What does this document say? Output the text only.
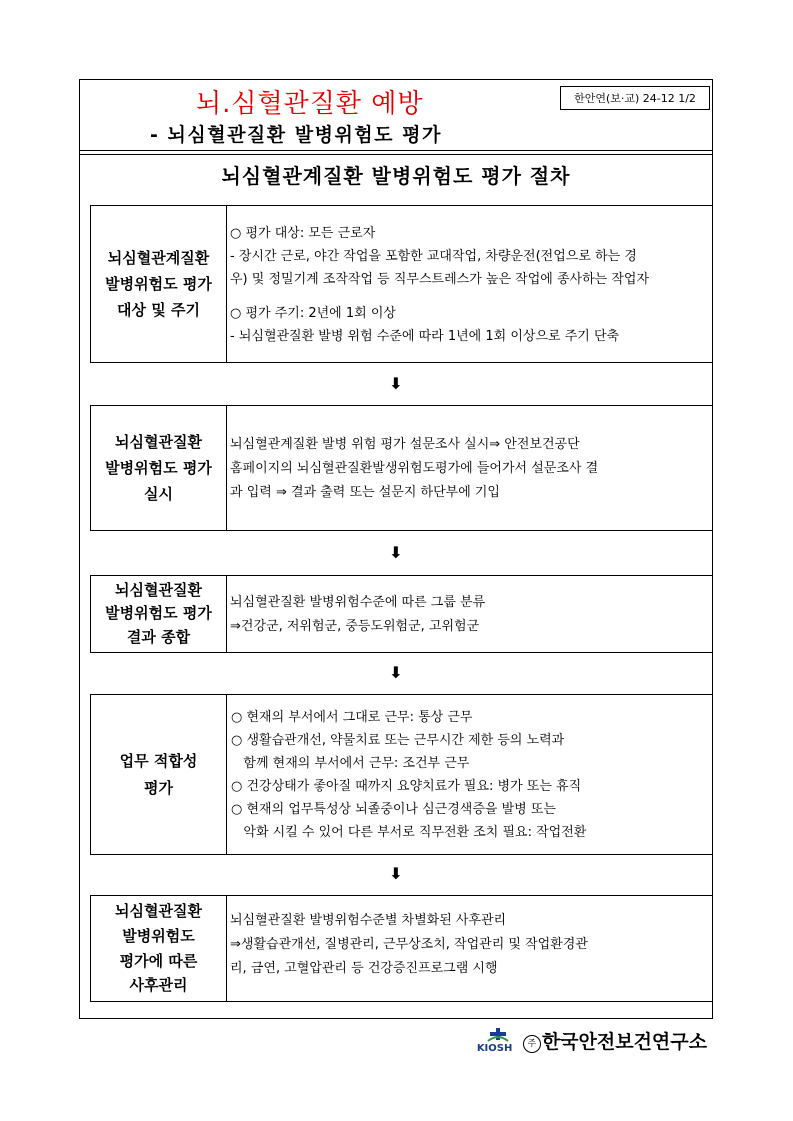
뇌.심혈관질환 예방	한안연(보·교) 24-12 1/2
- 뇌심혈관질환 발병위험도 평가
뇌심혈관계질환 발병위험도 평가 절차
뇌심혈관계질환
발병위험도 평가
대상 및 주기
○ 평가 대상: 모든 근로자
- 장시간 근로, 야간 작업을 포함한 교대작업, 차량운전(전업으로 하는 경
우) 및 정밀기계 조작작업 등 직무스트레스가 높은 작업에 종사하는 작업자
○ 평가 주기: 2년에 1회 이상
- 뇌심혈관질환 발병 위험 수준에 따라 1년에 1회 이상으로 주기 단축
⬇
뇌심혈관질환
발병위험도 평가
실시
뇌심혈관계질환 발병 위험 평가 설문조사 실시⇒ 안전보건공단
홈페이지의 뇌심혈관질환발생위험도평가에 들어가서 설문조사 결
과 입력 ⇒ 결과 출력 또는 설문지 하단부에 기입
⬇
뇌심혈관질환
발병위험도 평가
결과 종합
뇌심혈관질환 발병위험수준에 따른 그룹 분류
⇒건강군, 저위험군, 중등도위험군, 고위험군
⬇
업무 적합성
평가
○ 현재의 부서에서 그대로 근무: 통상 근무
○ 생활습관개선, 약물치료 또는 근무시간 제한 등의 노력과
함께 현재의 부서에서 근무: 조건부 근무
○ 건강상태가 좋아질 때까지 요양치료가 필요: 병가 또는 휴직
○ 현재의 업무특성상 뇌졸중이나 심근경색증을 발병 또는
악화 시킬 수 있어 다른 부서로 직무전환 조치 필요: 작업전환
⬇
뇌심혈관질환
발병위험도
평가에 따른
사후관리
뇌심혈관질환 발병위험수준별 차별화된 사후관리
⇒생활습관개선, 질병관리, 근무상조치, 작업관리 및 작업환경관
리, 금연, 고혈압관리 등 건강증진프로그램 시행
KIOSH	주 한국안전보건연구소
